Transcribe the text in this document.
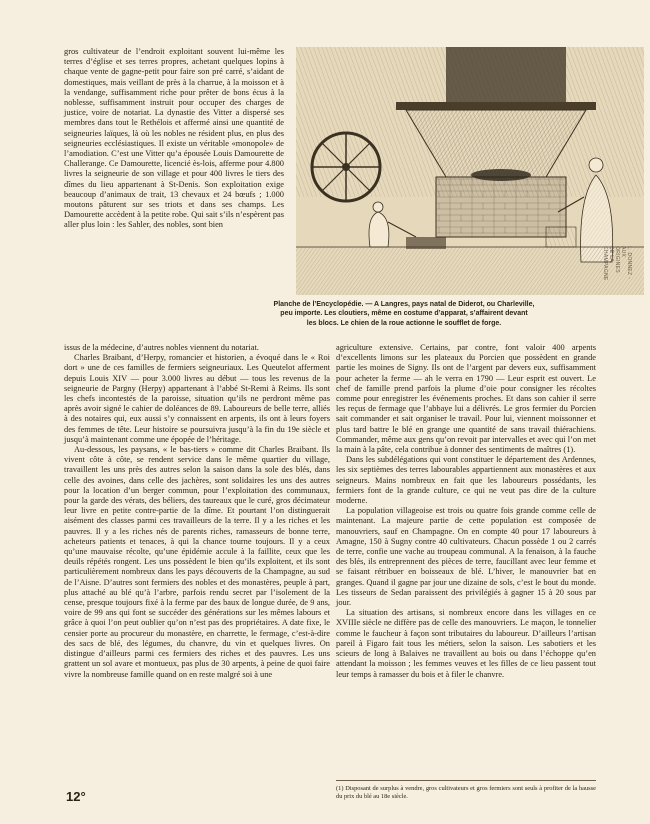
gros cultivateur de l’endroit exploitant souvent lui-même les terres d’église et ses terres propres, achetant quelques lopins à chaque vente de gagne-petit pour faire son pré carré, s’aidant de domestiques, mais veillant de près à la charrue, à la moisson et à la vendange, suffisamment riche pour prêter de bons écus à la noblesse, suffisamment instruit pour occuper des charges de justice, voire de notariat. La dynastie des Vitter a dispersé ses membres dans tout le Rethélois et affermé ainsi une quantité de seigneuries laïques, là où les nobles ne résident plus, en plus des seigneuries ecclésiastiques. Il existe un véritable «monopole» de l’amodiation. C’est une Vitter qu’a épousée Louis Damourette de Challerange. Ce Damourette, licencié ès-lois, afferme pour 4.800 livres la seigneurie de son village et pour 400 livres le tiers des dîmes du lieu appartenant à St-Denis. Son exploitation exige beaucoup d’animaux de trait, 13 chevaux et 24 bœufs ; 1.000 moutons pâturent sur ses triots et dans ses champs. Les Damourette accèdent à la petite robe. Qui sait s’ils n’espèrent pas aller plus loin : les Sahler, des nobles, sont bien

Planche de l’Encyclopédie. — A Langres, pays natal de Diderot, ou Charleville,
peu importe. Les cloutiers, même en costume d’apparat, s’affairent devant
les blocs. Le chien de la roue actionne le soufflet de forge.

issus de la médecine, d’autres nobles viennent du notariat.

Charles Braibant, d’Herpy, romancier et historien, a évoqué dans le « Roi dort » une de ces familles de fermiers seigneuriaux. Les Queutelot afferment depuis Louis XIV — pour 3.000 livres au début — tous les revenus de la seigneurie de Pargny (Herpy) appartenant à l’abbé St-Remi à Reims. Ils sont les chefs incontestés de la paroisse, situation qu’ils ne perdront même pas après avoir signé le cahier de doléances de 89. Laboureurs de belle terre, alliés à des notaires qui, eux aussi s’y connaissent en arpents, ils ont à leurs foyers des femmes de tête. Leur histoire se poursuivra jusqu’à la fin du 19e siècle et jusqu’à maintenant comme une épopée de l’héritage.

Au-dessous, les paysans, « le bas-tiers » comme dit Charles Braibant. Ils vivent côte à côte, se rendent service dans le même quartier du village, travaillent les uns près des autres selon la saison dans la sole des blés, dans celle des avoines, dans celle des jachères, sont solidaires les uns des autres pour la location d’un berger commun, pour l’exploitation des communaux, pour la garde des vérats, des béliers, des taureaux que le curé, gros décimateur leur livre en petite contre-partie de la dîme. Et pourtant l’on distinguerait aisément des classes parmi ces travailleurs de la terre. Il y a les riches et les pauvres. Il y a les riches nés de parents riches, ramasseurs de bonne terre, acheteurs patients et tenaces, à qui la chance tourne toujours. Il y a ceux qu’une mauvaise récolte, qu’une épidémie accule à la faillite, ceux que les deuils répétés rongent. Les uns possèdent le bien qu’ils exploitent, et ils sont particulièrement nombreux dans les pays découverts de la Champagne, au sud de l’Aisne. D’autres sont fermiers des nobles et des monastères, peuple à part, plus attaché au blé qu’à l’arbre, parfois rendu secret par l’isolement de la cense, presque toujours fixé à la ferme par des baux de longue durée, de 9 ans, voire de 99 ans qui font se succéder des générations sur les mêmes labours et grâce à quoi l’on peut oublier qu’on n’est pas des propriétaires. A date fixe, le censier porte au procureur du monastère, en charrette, le fermage, c’est-à-dire des sacs de blé, des légumes, du chanvre, du vin et quelques livres. On distingue d’ailleurs parmi ces fermiers des riches et des pauvres. Les uns grattent un sol avare et montueux, pas plus de 30 arpents, à peine de quoi faire vivre la nombreuse famille quand on en reste malgré soi à une

agriculture extensive. Certains, par contre, font valoir 400 arpents d’excellents limons sur les plateaux du Porcien que possèdent en grande partie les moines de Signy. Ils ont de l’argent par devers eux, suffisamment pour acheter la ferme — ah le verra en 1790 — Leur esprit est ouvert. Le chef de famille prend parfois la plume d’oie pour consigner les récoltes comme pour enregistrer les événements proches. Et dans son cahier il serre les reçus de fermage que l’abbaye lui a délivrés. Le gros fermier du Porcien sait commander et sait organiser le travail. Pour lui, viennent moissonner et plus tard battre le blé en grange une quantité de sans travail thiérachiens. Commander, même aux gens qu’on revoit par intervalles et avec qui l’on met la main à la pâte, cela contribue à donner des sentiments de maîtres (1).

Dans les subdélégations qui vont constituer le département des Ardennes, les six septièmes des terres labourables appartiennent aux monastères et aux seigneurs. Mains nombreux en fait que les laboureurs possédants, les fermiers font de la grande culture, ce qui ne veut pas dire de la culture moderne.

La population villageoise est trois ou quatre fois grande comme celle de maintenant. La majeure partie de cette population est composée de manouvriers, sauf en Champagne. On en compte 40 pour 17 laboureurs à Amagne, 150 à Sugny contre 40 cultivateurs. Chacun possède 1 ou 2 carrés de terre, confie une vache au troupeau communal. A la fenaison, à la fauche des blés, ils entreprennent des pièces de terre, faucillant avec leur femme et se faisant rétribuer en boisseaux de blé. L’hiver, le manouvrier bat en granges. Quand il gagne par jour une dizaine de sols, c’est le bout du monde. Les tisseurs de Sedan paraissent des privilégiés à gagner 15 à 20 sous par jour.

La situation des artisans, si nombreux encore dans les villages en ce XVIIIe siècle ne diffère pas de celle des manouvriers. Le maçon, le tonnelier comme le faucheur à façon sont tributaires du laboureur. D’ailleurs l’artisan pareil à Figaro fait tous les métiers, selon la saison. Les sabotiers et les scieurs de long à Balaives ne travaillent au bois ou dans l’échoppe qu’en attendant la moisson ; les femmes veuves et les filles de ce lieu passent tout leur temps à ramasser du bois et à filer le chanvre.

(1) Disposant de surplus à vendre, gros cultivateurs et gros fermiers sont seuls à profiter de la hausse du prix du blé au 18e siècle.
12°
L. DONNEZ - AUX ORIGINES DE LA CHAMPAGNE
